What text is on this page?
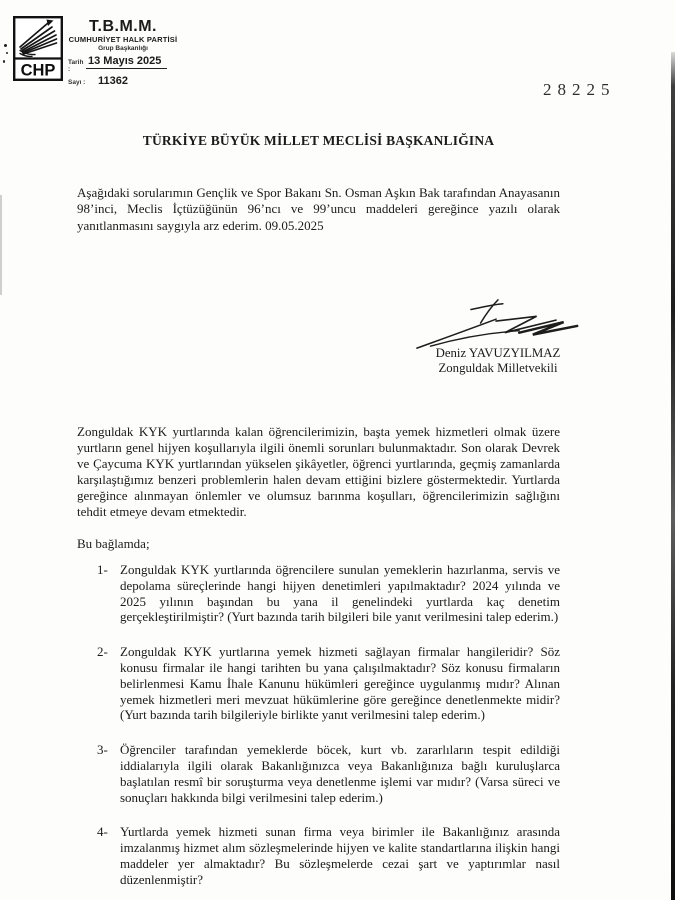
CHP
T.B.M.M.
CUMHURİYET HALK PARTİSİ
Grup Başkanlığı
Tarih :
13 Mayıs 2025
Sayı :	11362	28225
TÜRKİYE BÜYÜK MİLLET MECLİSİ BAŞKANLIĞINA
Aşağıdaki sorularımın Gençlik ve Spor Bakanı Sn. Osman Aşkın Bak tarafından Anayasanın 98’inci, Meclis İçtüzüğünün 96’ncı ve 99’uncu maddeleri gereğince yazılı olarak yanıtlanmasını saygıyla arz ederim. 09.05.2025
Deniz YAVUZYILMAZ
Zonguldak Milletvekili
Zonguldak KYK yurtlarında kalan öğrencilerimizin, başta yemek hizmetleri olmak üzere yurtların genel hijyen koşullarıyla ilgili önemli sorunları bulunmaktadır. Son olarak Devrek ve Çaycuma KYK yurtlarından yükselen şikâyetler, öğrenci yurtlarında, geçmiş zamanlarda karşılaştığımız benzeri problemlerin halen devam ettiğini bizlere göstermektedir. Yurtlarda gereğince alınmayan önlemler ve olumsuz barınma koşulları, öğrencilerimizin sağlığını tehdit etmeye devam etmektedir.
Bu bağlamda;
1- Zonguldak KYK yurtlarında öğrencilere sunulan yemeklerin hazırlanma, servis ve depolama süreçlerinde hangi hijyen denetimleri yapılmaktadır? 2024 yılında ve 2025 yılının başından bu yana il genelindeki yurtlarda kaç denetim gerçekleştirilmiştir? (Yurt bazında tarih bilgileri bile yanıt verilmesini talep ederim.)
2- Zonguldak KYK yurtlarına yemek hizmeti sağlayan firmalar hangileridir? Söz konusu firmalar ile hangi tarihten bu yana çalışılmaktadır? Söz konusu firmaların belirlenmesi Kamu İhale Kanunu hükümleri gereğince uygulanmış mıdır? Alınan yemek hizmetleri meri mevzuat hükümlerine göre gereğince denetlenmekte midir? (Yurt bazında tarih bilgileriyle birlikte yanıt verilmesini talep ederim.)
3- Öğrenciler tarafından yemeklerde böcek, kurt vb. zararlıların tespit edildiği iddialarıyla ilgili olarak Bakanlığınızca veya Bakanlığınıza bağlı kuruluşlarca başlatılan resmî bir soruşturma veya denetlenme işlemi var mıdır? (Varsa süreci ve sonuçları hakkında bilgi verilmesini talep ederim.)
4- Yurtlarda yemek hizmeti sunan firma veya birimler ile Bakanlığınız arasında imzalanmış hizmet alım sözleşmelerinde hijyen ve kalite standartlarına ilişkin hangi maddeler yer almaktadır? Bu sözleşmelerde cezai şart ve yaptırımlar nasıl düzenlenmiştir?
